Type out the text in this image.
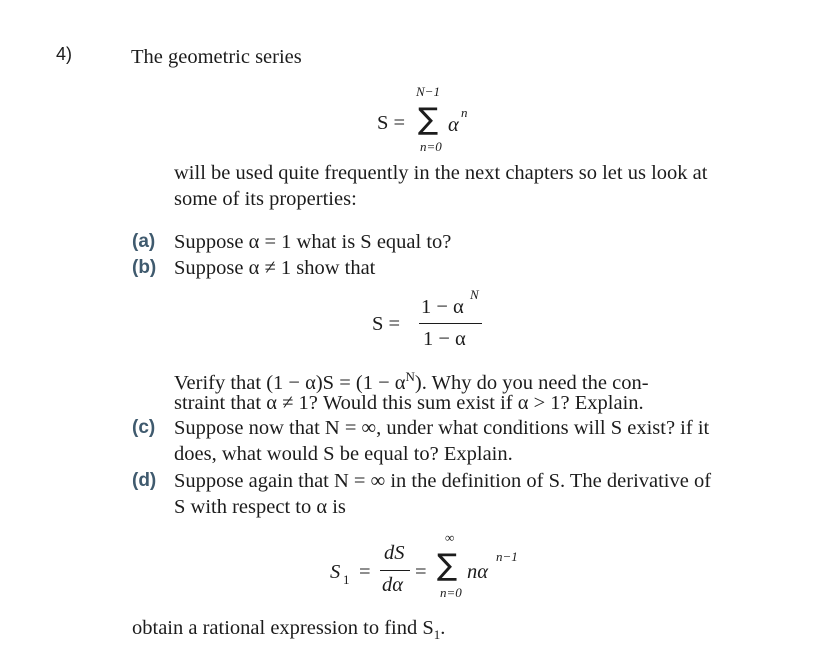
4)	The geometric series
S =
N−1
∑
n=0
α
n
will be used quite frequently in the next chapters so let us look at
some of its properties:
(a) Suppose α = 1 what is S equal to?
(b) Suppose α ≠ 1 show that
S =
1 − α
N
1 − α
Verify that $(1 - \alpha)S = (1 - \alpha^N)$. Why do you need the con-
straint that α ≠ 1? Would this sum exist if α > 1? Explain.
(c) Suppose now that N = ∞, under what conditions will S exist? if it
does, what would S be equal to? Explain.
(d) Suppose again that N = ∞ in the definition of S. The derivative of
S with respect to α is
S 1 =
dS
dα
=
∞
∑
n=0
nα
n−1
obtain a rational expression to find $S_1$.
